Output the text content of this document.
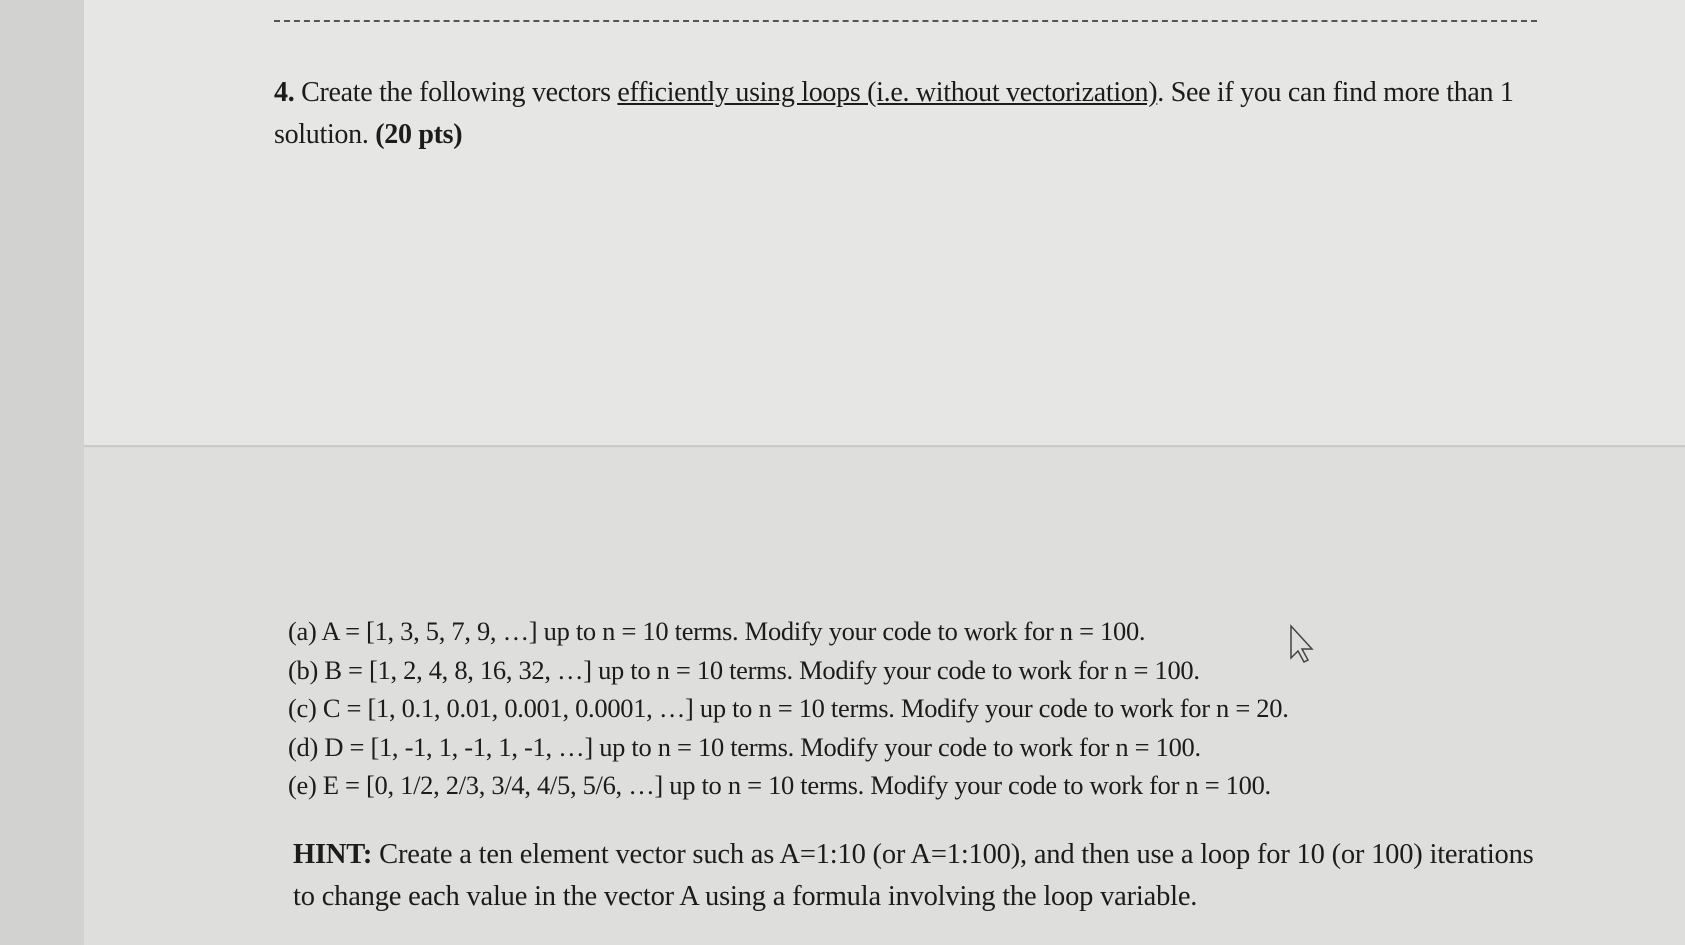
4. Create the following vectors efficiently using loops (i.e. without vectorization). See if you can find more than 1 solution. (20 pts)
(a) A = [1, 3, 5, 7, 9, …] up to n = 10 terms. Modify your code to work for n = 100.
(b) B = [1, 2, 4, 8, 16, 32, …] up to n = 10 terms. Modify your code to work for n = 100.
(c) C = [1, 0.1, 0.01, 0.001, 0.0001, …] up to n = 10 terms. Modify your code to work for n = 20.
(d) D = [1, -1, 1, -1, 1, -1, …] up to n = 10 terms. Modify your code to work for n = 100.
(e) E = [0, 1/2, 2/3, 3/4, 4/5, 5/6, …] up to n = 10 terms. Modify your code to work for n = 100.
HINT: Create a ten element vector such as A=1:10 (or A=1:100), and then use a loop for 10 (or 100) iterations to change each value in the vector A using a formula involving the loop variable.
